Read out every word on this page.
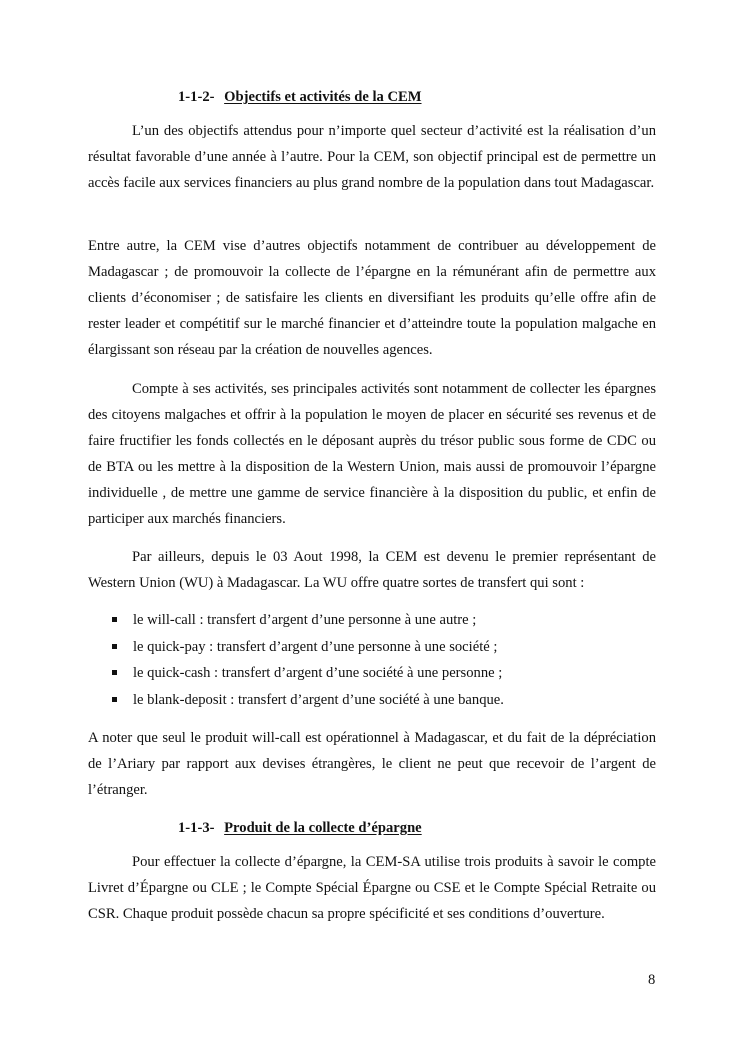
1-1-2- Objectifs et activités de la CEM

L’un des objectifs attendus pour n’importe quel secteur d’activité est la réalisation d’un résultat favorable d’une année à l’autre. Pour la CEM, son objectif principal est de permettre un accès facile aux services financiers au plus grand nombre de la population dans tout Madagascar.

Entre autre, la CEM vise d’autres objectifs notamment de contribuer au développement de Madagascar ; de promouvoir la collecte de l’épargne en la rémunérant afin de permettre aux clients d’économiser ; de satisfaire les clients en diversifiant les produits qu’elle offre afin de rester leader et compétitif sur le marché financier et d’atteindre toute la population malgache en élargissant son réseau par la création de nouvelles agences.

Compte à ses activités, ses principales activités sont notamment de collecter les épargnes des citoyens malgaches et offrir à la population le moyen de placer en sécurité ses revenus et de faire fructifier les fonds collectés en le déposant auprès du trésor public sous forme de CDC ou de BTA ou les mettre à la disposition de la Western Union, mais aussi de promouvoir l’épargne individuelle , de mettre une gamme de service financière à la disposition du public, et enfin de participer aux marchés financiers.

Par ailleurs, depuis le 03 Aout 1998, la CEM est devenu le premier représentant de Western Union (WU) à Madagascar. La WU offre quatre sortes de transfert qui sont :

le will-call : transfert d’argent d’une personne à une autre ;
le quick-pay : transfert d’argent d’une personne à une société ;
le quick-cash : transfert d’argent d’une société à une personne ;
le blank-deposit : transfert d’argent d’une société à une banque.

A noter que seul le produit will-call est opérationnel à Madagascar, et du fait de la dépréciation de l’Ariary par rapport aux devises étrangères, le client ne peut que recevoir de l’argent de l’étranger.

1-1-3- Produit de la collecte d’épargne

Pour effectuer la collecte d’épargne, la CEM-SA utilise trois produits à savoir le compte Livret d’Épargne ou CLE ; le Compte Spécial Épargne ou CSE et le Compte Spécial Retraite ou CSR. Chaque produit possède chacun sa propre spécificité et ses conditions d’ouverture.

8
